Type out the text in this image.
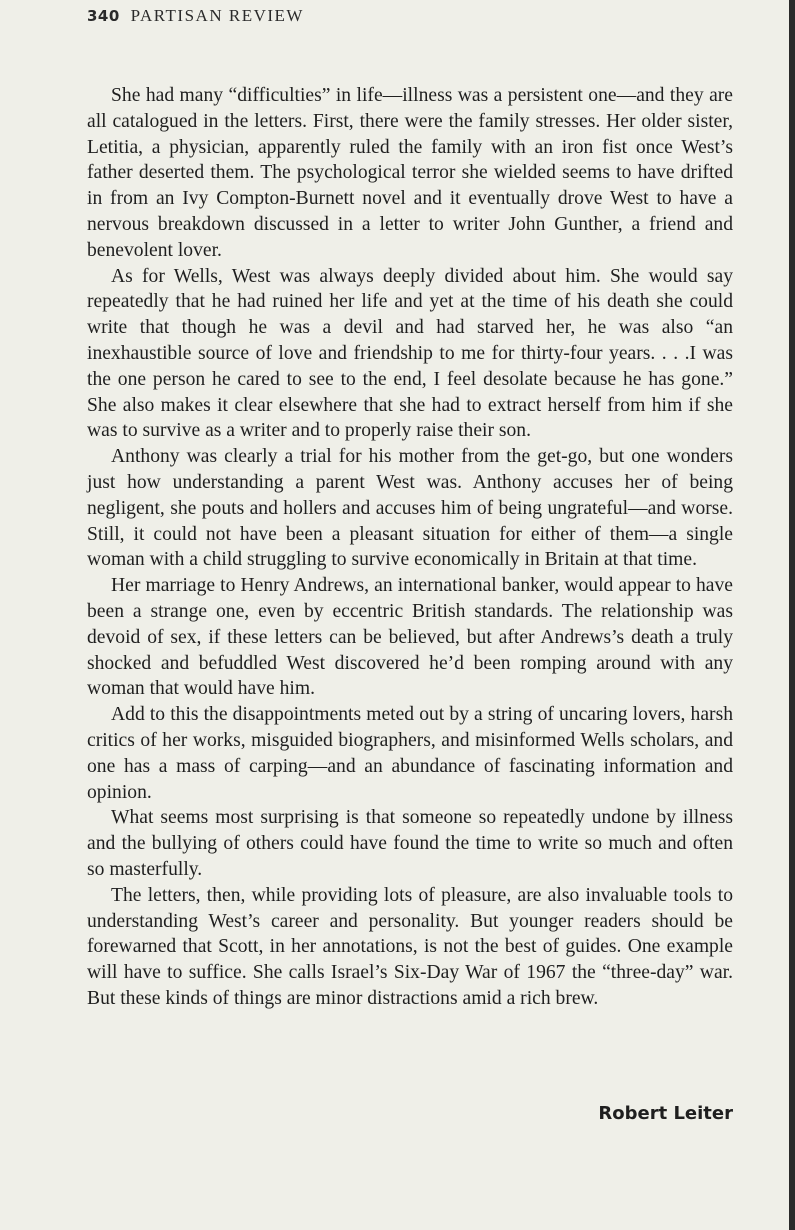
340 PARTISAN REVIEW

She had many “difficulties” in life—illness was a persistent one—and they are all catalogued in the letters. First, there were the family stresses. Her older sister, Letitia, a physician, apparently ruled the family with an iron fist once West’s father deserted them. The psychological terror she wielded seems to have drifted in from an Ivy Compton-Burnett novel and it eventually drove West to have a nervous breakdown discussed in a letter to writer John Gunther, a friend and benevolent lover.

As for Wells, West was always deeply divided about him. She would say repeatedly that he had ruined her life and yet at the time of his death she could write that though he was a devil and had starved her, he was also “an inexhaustible source of love and friendship to me for thirty-four years. . . .I was the one person he cared to see to the end, I feel desolate because he has gone.” She also makes it clear elsewhere that she had to extract herself from him if she was to survive as a writer and to properly raise their son.

Anthony was clearly a trial for his mother from the get-go, but one wonders just how understanding a parent West was. Anthony accuses her of being negligent, she pouts and hollers and accuses him of being ungrateful—and worse. Still, it could not have been a pleasant situation for either of them—a single woman with a child struggling to survive economically in Britain at that time.

Her marriage to Henry Andrews, an international banker, would appear to have been a strange one, even by eccentric British standards. The relationship was devoid of sex, if these letters can be believed, but after Andrews’s death a truly shocked and befuddled West discovered he’d been romping around with any woman that would have him.

Add to this the disappointments meted out by a string of uncaring lovers, harsh critics of her works, misguided biographers, and misinformed Wells scholars, and one has a mass of carping—and an abundance of fascinating information and opinion.

What seems most surprising is that someone so repeatedly undone by illness and the bullying of others could have found the time to write so much and often so masterfully.

The letters, then, while providing lots of pleasure, are also invaluable tools to understanding West’s career and personality. But younger readers should be forewarned that Scott, in her annotations, is not the best of guides. One example will have to suffice. She calls Israel’s Six-Day War of 1967 the “three-day” war. But these kinds of things are minor distractions amid a rich brew.

Robert Leiter
